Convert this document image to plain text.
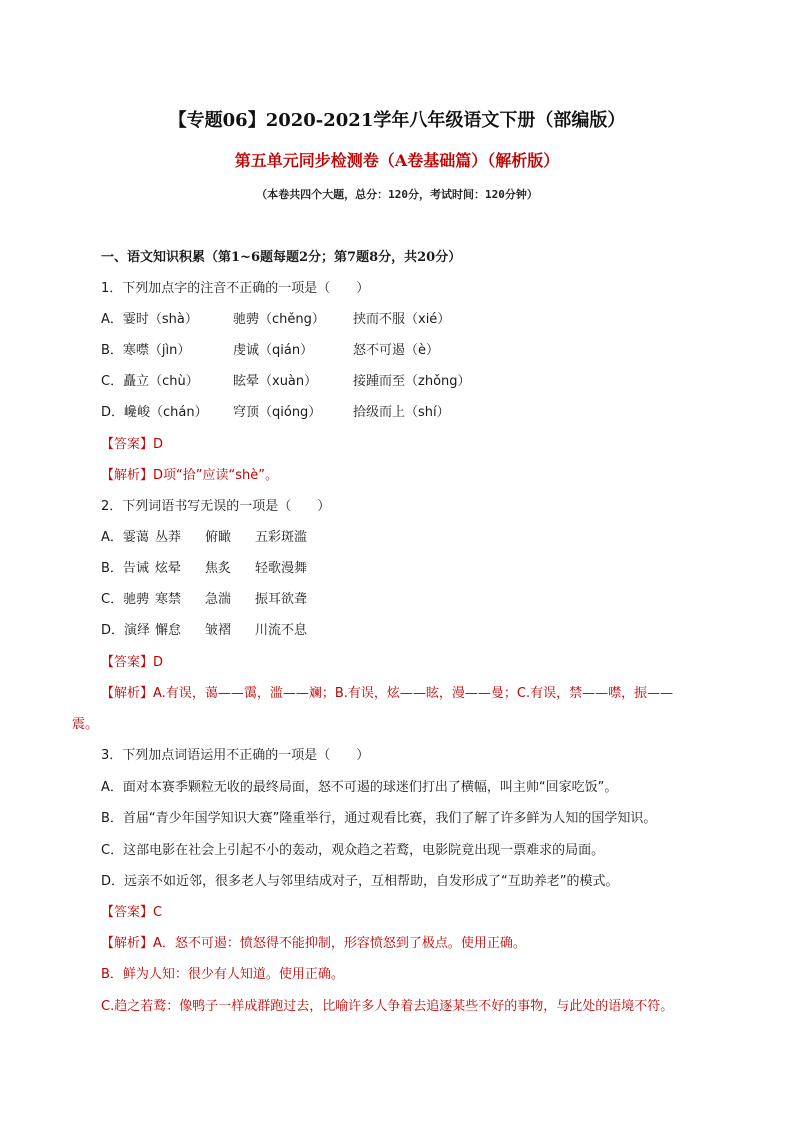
【专题06】2020-2021学年八年级语文下册（部编版）
第五单元同步检测卷（A卷基础篇）（解析版）
（本卷共四个大题，总分：120分，考试时间：120分钟）
一、语文知识积累（第1~6题每题2分；第7题8分，共20分）
1．下列加点字的注音不正确的一项是（　　）
A．霎时（shà）	驰骋（chěng） 挟而不服（xié）
B．寒噤（jìn）	虔诚（qián）	怒不可遏（è）
C．矗立（chù）	眩晕（xuàn）	接踵而至（zhǒng）
D．巉峻（chán） 穹顶（qióng） 拾级而上（shí）
【答案】D
【解析】D项“拾”应读“shè”。
2．下列词语书写无误的一项是（　　）
A．霎蔼 丛莽 俯瞰 五彩斑滥
B．告诫 炫晕 焦炙 轻歌漫舞
C．驰骋 寒禁 急湍 振耳欲聋
D．演绎 懈怠 皱褶 川流不息
【答案】D
【解析】A.有误，蔼——霭，滥——斓；B.有误，炫——眩，漫——曼；C.有误，禁——噤，振——
震。
3．下列加点词语运用不正确的一项是（　　）
A．面对本赛季颗粒无收的最终局面，怒不可遏的球迷们打出了横幅，叫主帅“回家吃饭”。
B．首届“青少年国学知识大赛”隆重举行，通过观看比赛，我们了解了许多鲜为人知的国学知识。
C．这部电影在社会上引起不小的轰动，观众趋之若鹜，电影院竟出现一票难求的局面。
D．远亲不如近邻，很多老人与邻里结成对子，互相帮助，自发形成了“互助养老”的模式。
【答案】C
【解析】A．怒不可遏：愤怒得不能抑制，形容愤怒到了极点。使用正确。
B．鲜为人知：很少有人知道。使用正确。
C.趋之若鹜：像鸭子一样成群跑过去，比喻许多人争着去追逐某些不好的事物，与此处的语境不符。
